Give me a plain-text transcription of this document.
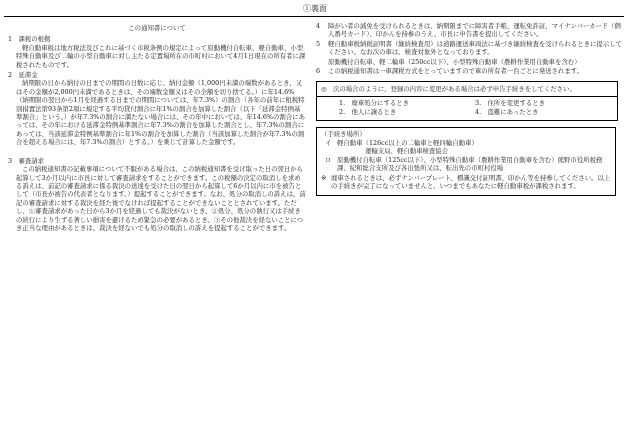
①裏面
この通知書について
1　課税の根拠

軽自動車税は地方税法及びこれに基づく市税条例の規定によって原動機付自転車、軽自動車、小型特殊自動車及び二輪の小型自動車に対し主たる定置場所在の市町村において4月1日現在の所有者に課税されたものです。

2　延滞金

納期限の日から納付の日までの期間の日数に応じ、納付金額（1,000円未満の端数があるとき、又はその金額が2,000円未満であるときは、その端数金額又はその全額を切り捨てる。）に年14.6%（納期限の翌日から1月を経過する日までの期間については、年7.3%）の割合（各年の前年に租税特別措置法第93条第2項に規定する平均貸付割合に年1%の割合を加算した割合（以下「延滞金特例基準割合」という。）が年7.3%の割合に満たない場合には、その年中においては、年14.6%の割合にあっては、その年における延滞金特例基準割合に年7.3%の割合を加算した割合とし、年7.3%の割合にあっては、当該延滞金特例基準割合に年1%の割合を加算した割合（当該加算した割合が年7.3%の割合を超える場合には、年7.3%の割合）とする。）を乗じて計算した金額です。

3　審査請求

この納税通知書の記載事項について不服がある場合は、この納税通知書を受け取った日の翌日から起算して3か月以内に市長に対して審査請求をすることができます。この税額の決定の取消しを求める訴えは、前記の審査請求に係る裁決の送達を受けた日の翌日から起算して6か月以内に市を被告として（市長が被告の代表者となります。）提起することができます。なお、処分の取消しの訴えは、前記の審査請求に対する裁決を経た後でなければ提起することができないこととされています。ただし、①審査請求があった日から3か月を経過しても裁決がないとき、②処分、処分の執行又は手続きの続行により生ずる著しい損害を避けるため緊急の必要があるとき、③その他裁決を経ないことにつき正当な理由があるときは、裁決を経ないでも処分の取消しの訴えを提起することができます。

4	障がい者の減免を受けられるときは、納期限までに障害者手帳、運転免許証、マイナンバーカード（個人番号カード）、印かんを持参のうえ、市長に申告書を提出してください。
5	軽自動車税納税証明書（継続検査用）は道路運送車両法に基づき継続検査を受けられるときに提示してください。なお次の車は、検査対象外となっております。
原動機付自転車、軽二輪車（250cc以下）、小型特殊自動車（農耕作業用自動車を含む）
6	この納税通知書は一車課税方式をとっていますので車の所有者一台ごとに発送されます。
◎	次の場合のように、登録の内容に変更がある場合は必ず申告手続きをしてください。
1.　廃車処分にするとき	3.　住所を変更するとき
2.　他人に譲るとき	4.　盗難にあったとき
（手続き場所）
イ 軽自動車（126cc以上の二輪車と軽四輪自動車）
運輸支局、軽自動車検査協会
ロ 原動機付自転車（125cc以下）、小型特殊自動車（農耕作業用自動車を含む）熊野市役所税務課、紀和総合支所及び各出張所又は、転出先の市町村役場
※ 廃車されるときは、必ずナンバープレート、標識交付証明書、印かん等を持参してください。以上の手続きが完了になっていませんと、いつまでもあなたに軽自動車税が課税されます。
